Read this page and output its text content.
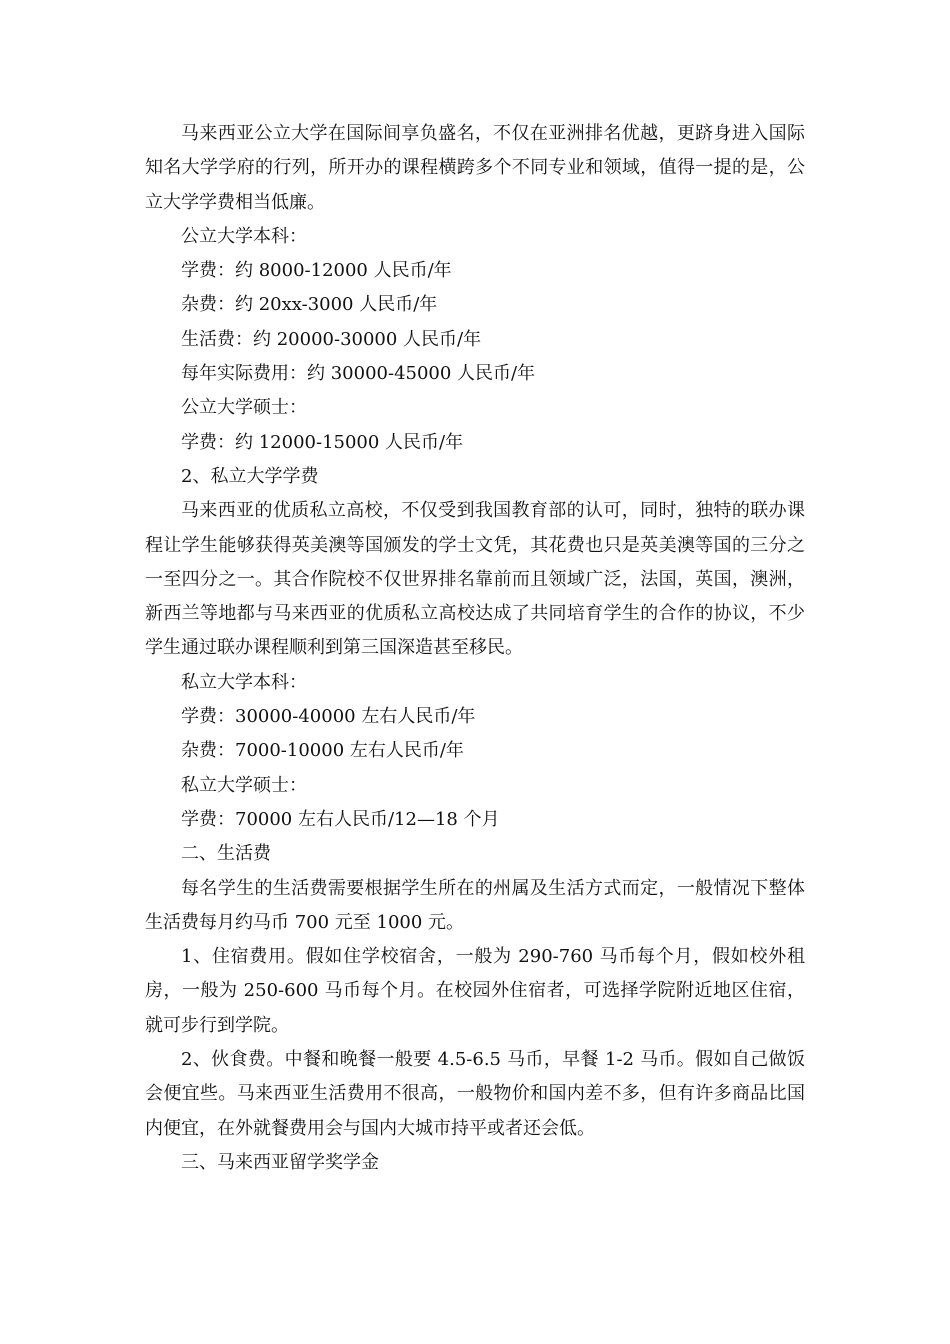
马来西亚公立大学在国际间享负盛名，不仅在亚洲排名优越，更跻身进入国际知名大学学府的行列，所开办的课程横跨多个不同专业和领域，值得一提的是，公立大学学费相当低廉。

公立大学本科：

学费：约 8000-12000 人民币/年

杂费：约 20xx-3000 人民币/年

生活费：约 20000-30000 人民币/年

每年实际费用：约 30000-45000 人民币/年

公立大学硕士：

学费：约 12000-15000 人民币/年

2、私立大学学费

马来西亚的优质私立高校，不仅受到我国教育部的认可，同时，独特的联办课程让学生能够获得英美澳等国颁发的学士文凭，其花费也只是英美澳等国的三分之一至四分之一。其合作院校不仅世界排名靠前而且领域广泛，法国，英国，澳洲，新西兰等地都与马来西亚的优质私立高校达成了共同培育学生的合作的协议，不少学生通过联办课程顺利到第三国深造甚至移民。

私立大学本科：

学费：30000-40000 左右人民币/年

杂费：7000-10000 左右人民币/年

私立大学硕士：

学费：70000 左右人民币/12—18 个月

二、生活费

每名学生的生活费需要根据学生所在的州属及生活方式而定，一般情况下整体生活费每月约马币 700 元至 1000 元。

1、住宿费用。假如住学校宿舍，一般为 290-760 马币每个月，假如校外租房，一般为 250-600 马币每个月。在校园外住宿者，可选择学院附近地区住宿，就可步行到学院。

2、伙食费。中餐和晚餐一般要 4.5-6.5 马币，早餐 1-2 马币。假如自己做饭会便宜些。马来西亚生活费用不很高，一般物价和国内差不多，但有许多商品比国内便宜，在外就餐费用会与国内大城市持平或者还会低。

三、马来西亚留学奖学金
